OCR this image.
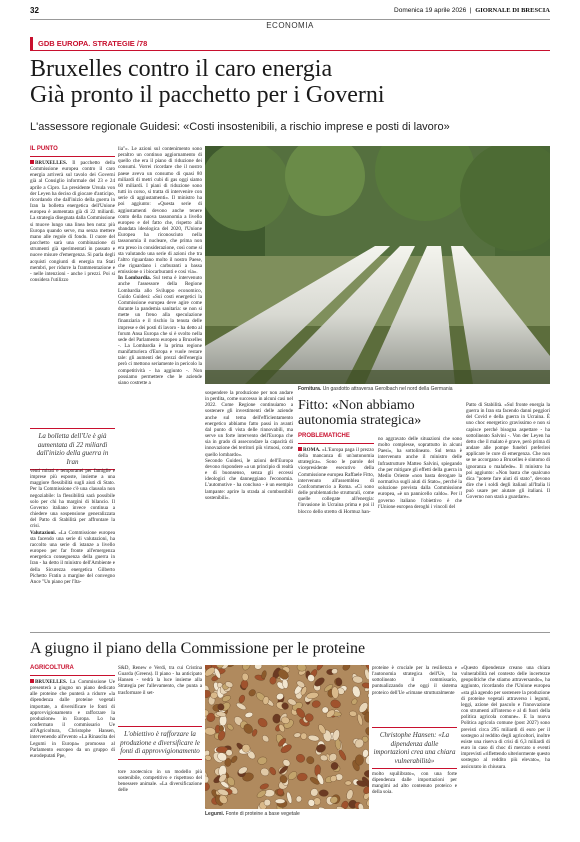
32	Domenica 19 aprile 2026  |  GIORNALE DI BRESCIA
ECONOMIA
GDB EUROPA. STRATEGIE /78
Bruxelles contro il caro energia
Già pronto il pacchetto per i Governi
L'assessore regionale Guidesi: «Costi insostenibili, a rischio imprese e posti di lavoro»
IL PUNTO
BRUXELLES. Il pacchetto della Commissione europea contro il caro energia arriverà sul tavolo dei Governi già al Consiglio informale del 23 e 24 aprile a Cipro. La presidente Ursula von der Leyen ha deciso di giocare d'anticipo, ricordando che dall'inizio della guerra in Iran la bolletta energetica dell'Unione europea è aumentata già di 22 miliardi. La strategia disegnata dalla Commissione si muove lungo una linea ben nota: più Europa quando serve, ma senza mettere mano alle regole di fondo. Il cuore del pacchetto sarà una combinazione di strumenti già sperimentati in passato e nuove misure d'emergenza. Si parla degli acquisti congiunti di energia tra Stati membri, per ridurre la frammentazione e - nelle intenzioni - anche i prezzi. Poi si considera l'utilizzo
La bolletta dell'Ue è già aumentata di 22 miliardi dall'inizio della guerra in Iran
venti mirati e temporanei per famiglie e imprese più esposte, insieme a una maggiore flessibilità sugli aiuti di Stato. Per la Commissione c'è una clausola non negoziabile: la flessibilità sarà possibile solo per chi ha margini di bilancio. Il Governo italiano invece continua a chiedere una sospensione generalizzata del Patto di Stabilità per affrontare la crisi.
Valutazioni. «La Commissione europea sta facendo una serie di valutazioni, ha raccolto una serie di istanze a livello europeo per far fronte all'emergenza energetica conseguenza della guerra in Iran - ha detto il ministro dell'Ambiente e della Sicurezza energetica Gilberto Pichetto Fratin a margine del convegno Ance "Un piano per l'Ita-
lia"». Le azioni sul contenimento sono peraltro un continuo aggiornamento di quello che era il piano di riduzione dei consumi. Vorrei ricordare che il nostro paese aveva un consumo di quasi 80 miliardi di metri cubi di gas oggi siamo 60 miliardi. I piani di riduzione sono tutti in corso, si tratta di intervenire con serie di aggiustamenti». Il ministro ha poi aggiunto: «Questa serie di aggiustamenti devono anche tenere conto della nuova tassonomia a livello europeo e del fatto che, rispetto alla sbandata ideologica del 2020, l'Unione Europea ha riconosciuto nella tassonomia il nucleare, che prima non era preso in considerazione, così come si sta valutando una serie di azioni che tra l'altro riguardano molto il nostro Paese, che riguardano i carburanti a bassa emissione o i biocarburanti e così via».
In Lombardia. Sul tema è intervenuto anche l'assessore della Regione Lombardia allo Sviluppo economico, Guido Guidesi: «Sui costi energetici la Commissione europea deve agire come durante la pandemia sanitaria: se non si mette un freno alla speculazione finanziaria e il rischio la tenuta delle imprese e dei posti di lavoro - ha detto al forum Ansa Europa che si è svolto nella sede del Parlamento europeo a Bruxelles -. La Lombardia è la prima regione manifatturiera d'Europa e vuole restare tale: gli aumenti dei prezzi dell'energia però ci mettono seriamente in pericolo la competitività - ha aggiunto -. Non possiamo permettere che le aziende siano costrette a
sospendere la produzione per non andare in perdita, come successo in alcuni casi nel 2022. Come Regione continuiamo a sostenere gli investimenti delle aziende anche sul tema dell'efficientamento energetico abbiamo fatto passi in avanti dal punto di vista delle rinnovabili, ma serve un forte intervento dell'Europa che sia in grado di assecondare la capacità di innovazione dei territori più virtuosi, come quello lombardo».
Secondo Guidesi, le azioni dell'Europa devono rispondere «a un principio di realtà e di buonsenso, senza gli eccessi ideologici che danneggiano l'economia. L'automotive - ha concluso - è un esempio lampante: aprire la strada ai combustibili sostenibili».
Fornitura. Un gasdotto attraversa Gerolbach nel nord della Germania
Fitto: «Non abbiamo autonomia strategica»
PROBLEMATICHE
ROMA. «L'Europa paga il prezzo della mancanza di un'autonomia strategica». Sono le parole del vicepresidente esecutivo della Commissione europea Raffaele Fitto, intervenuto all'assemblea di Confcommercio a Roma. «Ci sono delle problematiche strutturali, come quelle collegate all'energia: l'invasione in Ucraina prima e poi il blocco dello stretto di Hormuz han-
no aggravato delle situazioni che sono molto complesse, soprattutto in alcuni Paesi», ha sottolineato. Sul tema è intervenuto anche il ministro delle Infrastrutture Matteo Salvini, spiegando che per mitigare gli effetti della guerra in Medio Oriente «non basta derogare la normativa sugli aiuti di Stato», perché la soluzione prevista dalla Commissione europea, «è un pannicello caldo». Per il governo italiano l'obiettivo è che l'Unione europea deroghi i vincoli del
Patto di Stabilità. «Sul fronte energia la guerra in Iran sta facendo danni peggiori del Covid e della guerra in Ucraina. È uno choc energetico gravissimo e non si capisce perché bisogna aspettare - ha sottolineato Salvini -. Von der Leyen ha detto che il malato è grave, però prima di andare alle pompe funebri preferirei applicare le cure di emergenza. Che non se ne accorgano a Bruxelles è sintomo di ignoranza o malafede». Il ministro ha poi aggiunto: «Non basta che qualcuno dica "potete fare aiuti di stato", devono dire che i soldi degli italiani all'Italia li può usare per aiutare gli italiani. Il Governo non starà a guardare».
A giugno il piano della Commissione per le proteine
AGRICOLTURA
BRUXELLES. La Commissione Ue presenterà a giugno un piano dedicato alle proteine che punterà a ridurre «la dipendenza dalle proteine vegetali importate, a diversificare le fonti di approvvigionamento e rafforzare la produzione» in Europa. Lo ha confermato il commissario Ue all'Agricoltura, Christophe Hansen, intervenendo all'evento «La Rinascita dei Legumi in Europa» promosso al Parlamento europeo da un gruppo di eurodeputati Ppe,
S&D, Renew e Verdi, tra cui Cristina Guarda (Greens). Il piano - ha anticipato Hansen - vedrà la luce insieme alla Strategia per l'allevamento, che punta a trasformare il set-
L'obiettivo è rafforzare la produzione e diversificare le fonti di approvvigionamento
tore zootecnico in un modello più sostenibile, competitivo e rispettoso del benessere animale. «La diversificazione delle
Legumi. Fonte di proteine a base vegetale
proteine è cruciale per la resilienza e l'autonomia strategica dell'Ue, ha sottolineato il commissario, puntualizzando che oggi il sistema proteico dell'Ue «rimane strutturalmente
Christophe Hansen: «La dipendenza dalle importazioni crea una chiara vulnerabilità»
molto squilibrato», con una forte dipendenza dalle importazioni per mangimi ad alto contenuto proteico e della soia.
«Questo dipendenze creano una chiara vulnerabilità nel contesto delle incertezze geopolitiche che stiamo attraversando», ha aggiunto, ricordando che l'Unione europea «sta già agendo per sostenere la produzione di proteine vegetali attraverso i legumi, leggi, azione del pascolo e l'innovazione con strumenti all'interno e al di fuori della politica agricola comune». E la nuova Politica agricola comune (post 2027) sono previsti circa 295 miliardi di euro per il sostegno al reddito degli agricoltori, inoltre esiste una riserva di crisi di 6,3 miliardi di euro in caso di choc di mercato o eventi imprevisti «riflettendo ulteriormente questo sostegno al reddito più elevato», ha assicurato in chiusura.
